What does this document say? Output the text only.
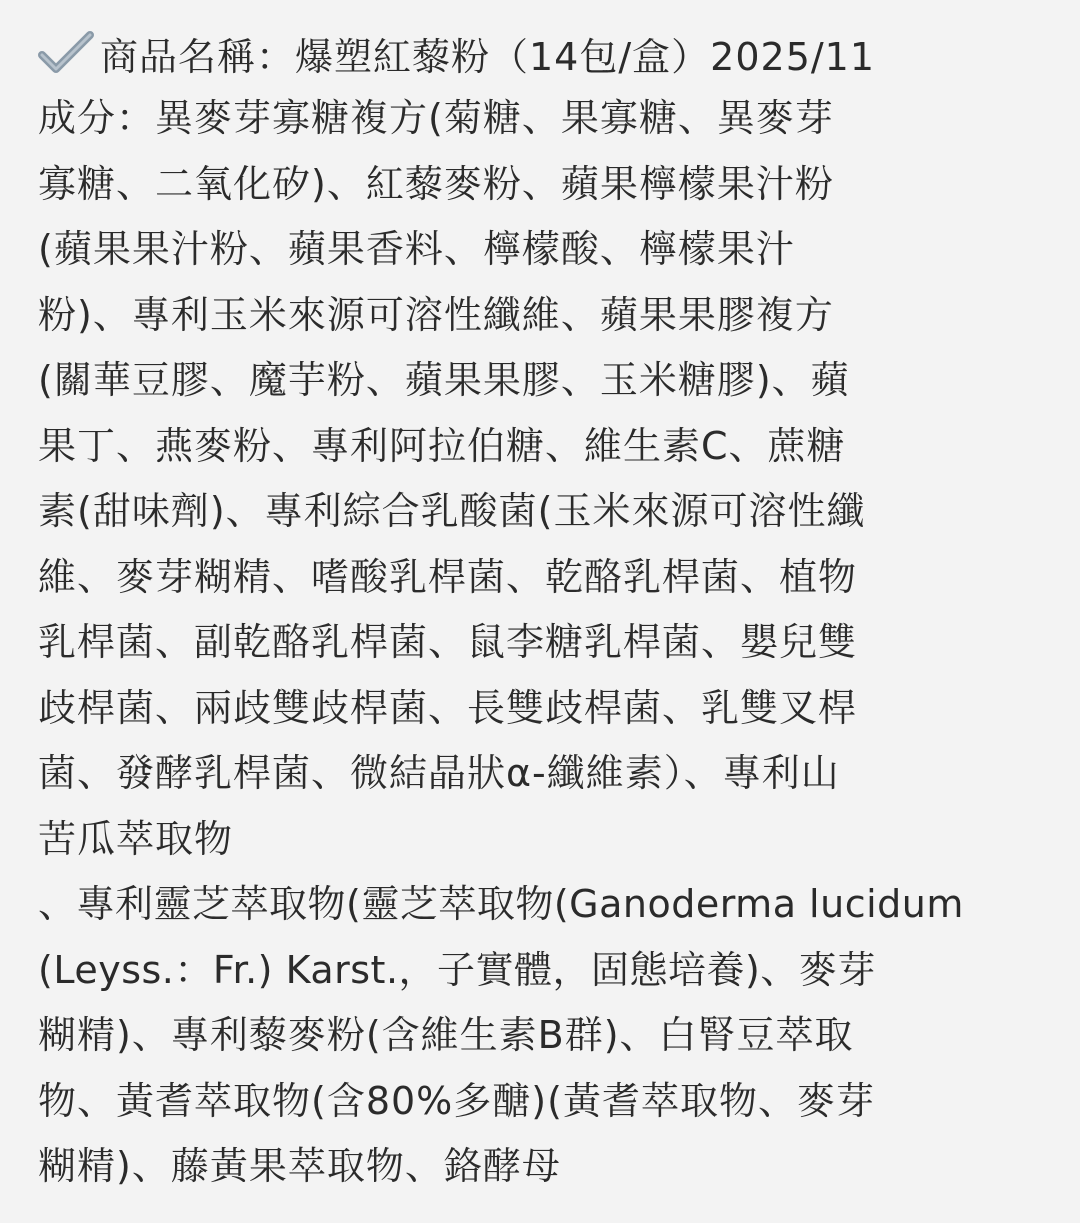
商品名稱：爆塑紅藜粉（14包/盒）2025/11
成分：異麥芽寡糖複方(菊糖、果寡糖、異麥芽
寡糖、二氧化矽)、紅藜麥粉、蘋果檸檬果汁粉
(蘋果果汁粉、蘋果香料、檸檬酸、檸檬果汁
粉)、專利玉米來源可溶性纖維、蘋果果膠複方
(關華豆膠、魔芋粉、蘋果果膠、玉米糖膠)、蘋
果丁、燕麥粉、專利阿拉伯糖、維生素C、蔗糖
素(甜味劑)、專利綜合乳酸菌(玉米來源可溶性纖
維、麥芽糊精、嗜酸乳桿菌、乾酪乳桿菌、植物
乳桿菌、副乾酪乳桿菌、鼠李糖乳桿菌、嬰兒雙
歧桿菌、兩歧雙歧桿菌、長雙歧桿菌、乳雙叉桿
菌、發酵乳桿菌、微結晶狀α-纖維素）、專利山
苦瓜萃取物
、專利靈芝萃取物(靈芝萃取物(Ganoderma lucidum
(Leyss.：Fr.) Karst.，子實體，固態培養)、麥芽
糊精)、專利藜麥粉(含維生素B群)、白腎豆萃取
物、黃耆萃取物(含80%多醣)(黃耆萃取物、麥芽
糊精)、藤黃果萃取物、鉻酵母
